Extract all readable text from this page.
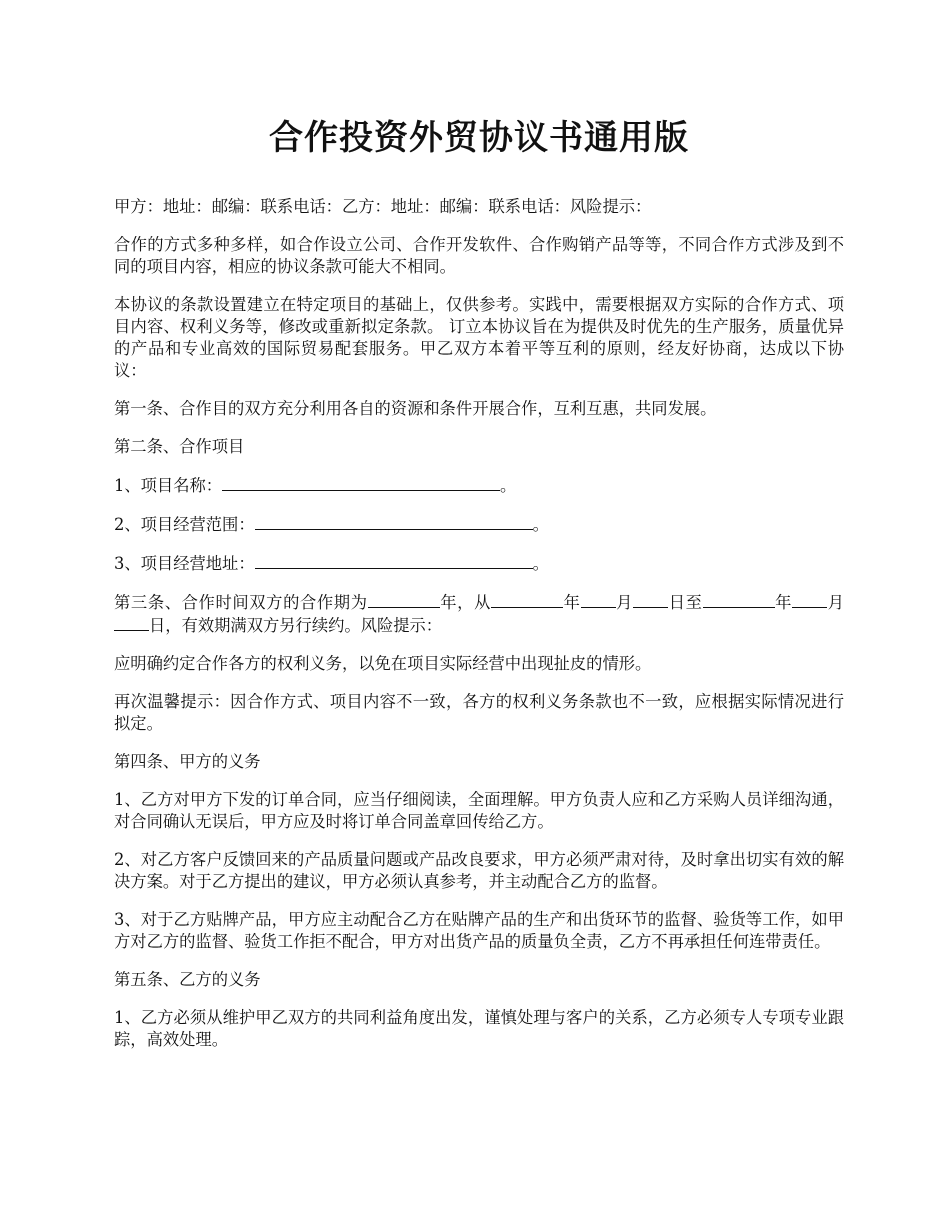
合作投资外贸协议书通用版

甲方：地址：邮编：联系电话：乙方：地址：邮编：联系电话：风险提示：

合作的方式多种多样，如合作设立公司、合作开发软件、合作购销产品等等，不同合作方式涉及到不同的项目内容，相应的协议条款可能大不相同。

本协议的条款设置建立在特定项目的基础上，仅供参考。实践中，需要根据双方实际的合作方式、项目内容、权利义务等，修改或重新拟定条款。 订立本协议旨在为提供及时优先的生产服务，质量优异的产品和专业高效的国际贸易配套服务。甲乙双方本着平等互利的原则，经友好协商，达成以下协议：

第一条、合作目的双方充分利用各自的资源和条件开展合作，互利互惠，共同发展。

第二条、合作项目

1、项目名称：	。

2、项目经营范围：	。

3、项目经营地址：	。

第三条、合作时间双方的合作期为	年，从	年 月 日至	年 月日，有效期满双方另行续约。风险提示：

应明确约定合作各方的权利义务，以免在项目实际经营中出现扯皮的情形。

再次温馨提示：因合作方式、项目内容不一致，各方的权利义务条款也不一致，应根据实际情况进行拟定。

第四条、甲方的义务

1、乙方对甲方下发的订单合同，应当仔细阅读，全面理解。甲方负责人应和乙方采购人员详细沟通，对合同确认无误后，甲方应及时将订单合同盖章回传给乙方。

2、对乙方客户反馈回来的产品质量问题或产品改良要求，甲方必须严肃对待，及时拿出切实有效的解决方案。对于乙方提出的建议，甲方必须认真参考，并主动配合乙方的监督。

3、对于乙方贴牌产品，甲方应主动配合乙方在贴牌产品的生产和出货环节的监督、验货等工作，如甲方对乙方的监督、验货工作拒不配合，甲方对出货产品的质量负全责，乙方不再承担任何连带责任。

第五条、乙方的义务

1、乙方必须从维护甲乙双方的共同利益角度出发，谨慎处理与客户的关系，乙方必须专人专项专业跟踪，高效处理。
